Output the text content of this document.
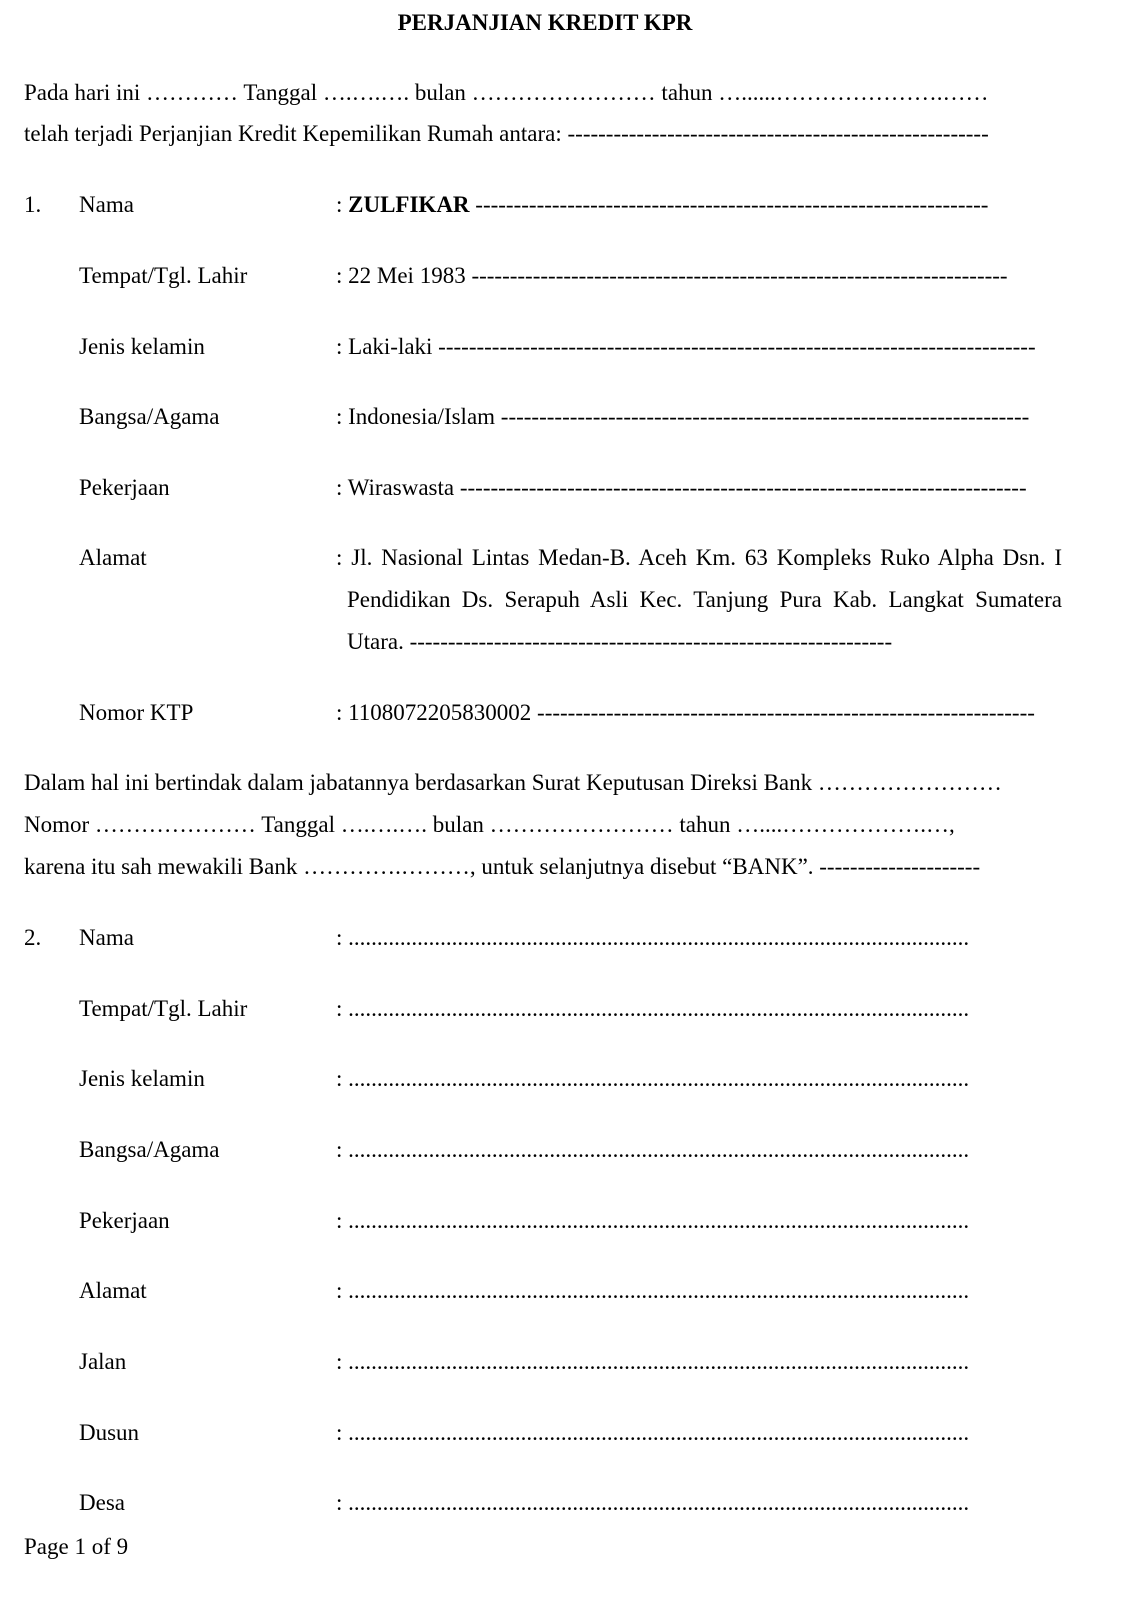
PERJANJIAN KREDIT KPR
Pada hari ini ………… Tanggal ….….…. bulan …………………… tahun …......………………….……
telah terjadi Perjanjian Kredit Kepemilikan Rumah antara: -------------------------------------------------------
1. Nama	: ZULFIKAR -------------------------------------------------------------------
Tempat/Tgl. Lahir	: 22 Mei 1983 ----------------------------------------------------------------------
Jenis kelamin	: Laki-laki ------------------------------------------------------------------------------
Bangsa/Agama	: Indonesia/Islam ---------------------------------------------------------------------
Pekerjaan	: Wiraswasta --------------------------------------------------------------------------
Alamat	: Jl. Nasional Lintas Medan-B. Aceh Km. 63 Kompleks Ruko Alpha Dsn. I Pendidikan Ds. Serapuh Asli Kec. Tanjung Pura Kab. Langkat Sumatera Utara. ---------------------------------------------------------------
Nomor KTP	: 1108072205830002 -----------------------------------------------------------------
Dalam hal ini bertindak dalam jabatannya berdasarkan Surat Keputusan Direksi Bank ……………………
Nomor ………………… Tanggal ….….…. bulan …………………… tahun …....……………….…,
karena itu sah mewakili Bank ………….………, untuk selanjutnya disebut “BANK”. ---------------------
2. Nama	: ............................................................................................................
Tempat/Tgl. Lahir	: ............................................................................................................
Jenis kelamin	: ............................................................................................................
Bangsa/Agama	: ............................................................................................................
Pekerjaan	: ............................................................................................................
Alamat	: ............................................................................................................
Jalan	: ............................................................................................................
Dusun	: ............................................................................................................
Desa	: ............................................................................................................
Page 1 of 9
